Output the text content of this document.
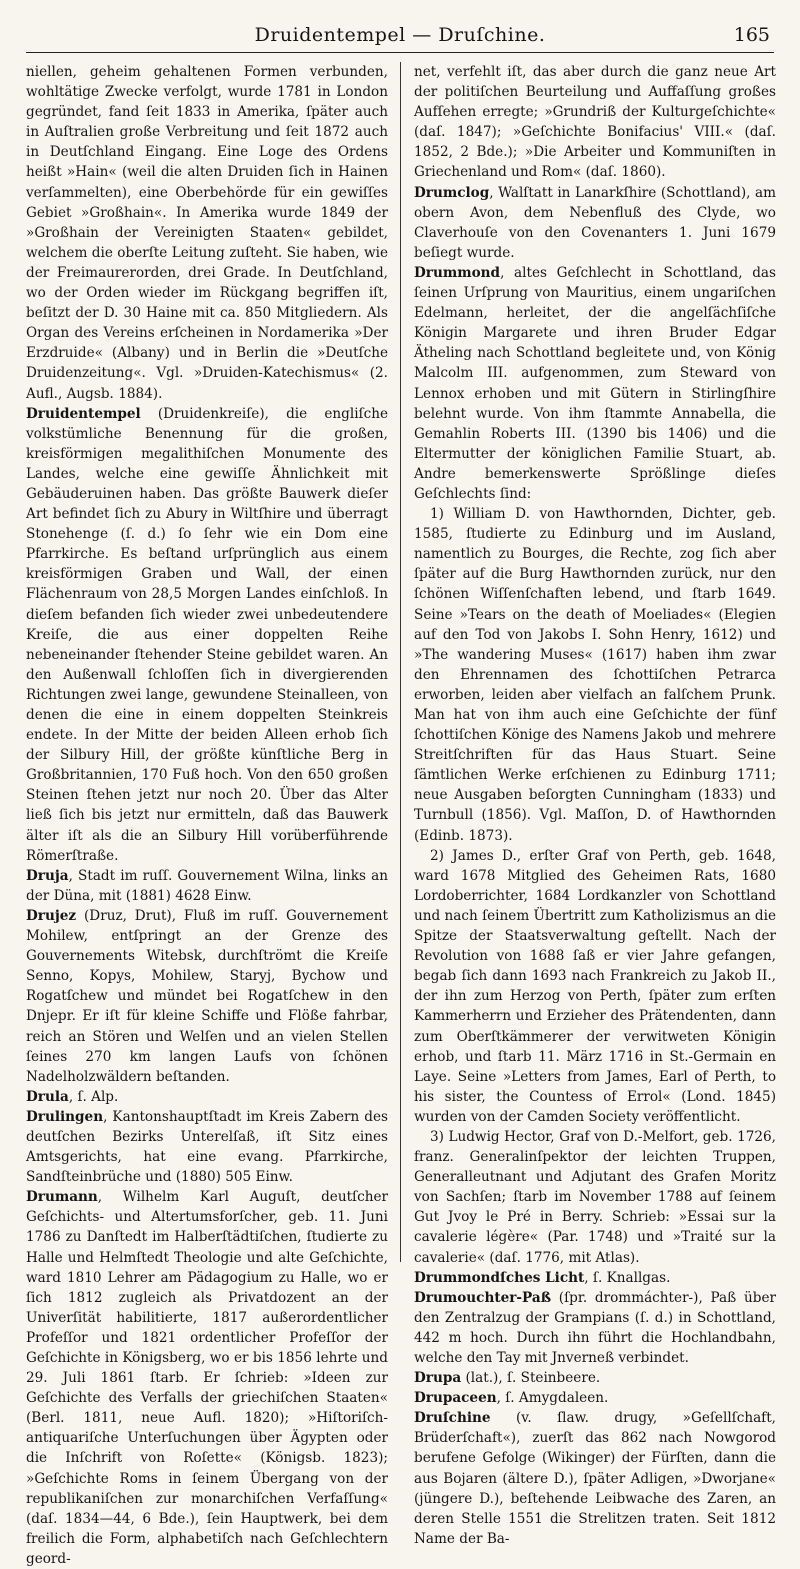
Druidentempel — Druſchine.	165

niellen, geheim gehaltenen Formen verbunden, wohltätige Zwecke verfolgt, wurde 1781 in London gegründet, fand ſeit 1833 in Amerika, ſpäter auch in Auſtralien große Verbreitung und ſeit 1872 auch in Deutſchland Eingang. Eine Loge des Ordens heißt »Hain« (weil die alten Druiden ſich in Hainen verſammelten), eine Oberbehörde für ein gewiſſes Gebiet »Großhain«. In Amerika wurde 1849 der »Großhain der Vereinigten Staaten« gebildet, welchem die oberſte Leitung zuſteht. Sie haben, wie der Freimaurerorden, drei Grade. In Deutſchland, wo der Orden wieder im Rückgang begriffen iſt, beſitzt der D. 30 Haine mit ca. 850 Mitgliedern. Als Organ des Vereins erſcheinen in Nordamerika »Der Erzdruide« (Albany) und in Berlin die »Deutſche Druidenzeitung«. Vgl. »Druiden-Katechismus« (2. Aufl., Augsb. 1884).

Druidentempel (Druidenkreiſe), die engliſche volkstümliche Benennung für die großen, kreisförmigen megalithiſchen Monumente des Landes, welche eine gewiſſe Ähnlichkeit mit Gebäuderuinen haben. Das größte Bauwerk dieſer Art befindet ſich zu Abury in Wiltſhire und überragt Stonehenge (ſ. d.) ſo ſehr wie ein Dom eine Pfarrkirche. Es beſtand urſprünglich aus einem kreisförmigen Graben und Wall, der einen Flächenraum von 28,5 Morgen Landes einſchloß. In dieſem befanden ſich wieder zwei unbedeutendere Kreiſe, die aus einer doppelten Reihe nebeneinander ſtehender Steine gebildet waren. An den Außenwall ſchloſſen ſich in divergierenden Richtungen zwei lange, gewundene Steinalleen, von denen die eine in einem doppelten Steinkreis endete. In der Mitte der beiden Alleen erhob ſich der Silbury Hill, der größte künſtliche Berg in Großbritannien, 170 Fuß hoch. Von den 650 großen Steinen ſtehen jetzt nur noch 20. Über das Alter ließ ſich bis jetzt nur ermitteln, daß das Bauwerk älter iſt als die an Silbury Hill vorüberführende Römerſtraße.

Druja, Stadt im ruſſ. Gouvernement Wilna, links an der Düna, mit (1881) 4628 Einw.

Drujez (Druz, Drut), Fluß im ruſſ. Gouvernement Mohilew, entſpringt an der Grenze des Gouvernements Witebsk, durchſtrömt die Kreiſe Senno, Kopys, Mohilew, Staryj, Bychow und Rogatſchew und mündet bei Rogatſchew in den Dnjepr. Er iſt für kleine Schiffe und Flöße fahrbar, reich an Stören und Welſen und an vielen Stellen ſeines 270 km langen Laufs von ſchönen Nadelholzwäldern beſtanden.

Drula, ſ. Alp.

Drulingen, Kantonshauptſtadt im Kreis Zabern des deutſchen Bezirks Unterelſaß, iſt Sitz eines Amtsgerichts, hat eine evang. Pfarrkirche, Sandſteinbrüche und (1880) 505 Einw.

Drumann, Wilhelm Karl Auguſt, deutſcher Geſchichts- und Altertumsforſcher, geb. 11. Juni 1786 zu Danſtedt im Halberſtädtiſchen, ſtudierte zu Halle und Helmſtedt Theologie und alte Geſchichte, ward 1810 Lehrer am Pädagogium zu Halle, wo er ſich 1812 zugleich als Privatdozent an der Univerſität habilitierte, 1817 außerordentlicher Profeſſor und 1821 ordentlicher Profeſſor der Geſchichte in Königsberg, wo er bis 1856 lehrte und 29. Juli 1861 ſtarb. Er ſchrieb: »Ideen zur Geſchichte des Verfalls der griechiſchen Staaten« (Berl. 1811, neue Aufl. 1820); »Hiſtoriſch-antiquariſche Unterſuchungen über Ägypten oder die Inſchrift von Roſette« (Königsb. 1823); »Geſchichte Roms in ſeinem Übergang von der republikaniſchen zur monarchiſchen Verfaſſung« (daſ. 1834—44, 6 Bde.), ſein Hauptwerk, bei dem freilich die Form, alphabetiſch nach Geſchlechtern geord-

net, verfehlt iſt, das aber durch die ganz neue Art der politiſchen Beurteilung und Auffaſſung großes Aufſehen erregte; »Grundriß der Kulturgeſchichte« (daſ. 1847); »Geſchichte Bonifacius' VIII.« (daſ. 1852, 2 Bde.); »Die Arbeiter und Kommuniſten in Griechenland und Rom« (daſ. 1860).

Drumclog, Walſtatt in Lanarkſhire (Schottland), am obern Avon, dem Nebenfluß des Clyde, wo Claverhouſe von den Covenanters 1. Juni 1679 beſiegt wurde.

Drummond, altes Geſchlecht in Schottland, das ſeinen Urſprung von Mauritius, einem ungariſchen Edelmann, herleitet, der die angelſächſiſche Königin Margarete und ihren Bruder Edgar Ätheling nach Schottland begleitete und, von König Malcolm III. aufgenommen, zum Steward von Lennox erhoben und mit Gütern in Stirlingſhire belehnt wurde. Von ihm ſtammte Annabella, die Gemahlin Roberts III. (1390 bis 1406) und die Eltermutter der königlichen Familie Stuart, ab. Andre bemerkenswerte Sprößlinge dieſes Geſchlechts ſind:

1) William D. von Hawthornden, Dichter, geb. 1585, ſtudierte zu Edinburg und im Ausland, namentlich zu Bourges, die Rechte, zog ſich aber ſpäter auf die Burg Hawthornden zurück, nur den ſchönen Wiſſenſchaften lebend, und ſtarb 1649. Seine »Tears on the death of Moeliades« (Elegien auf den Tod von Jakobs I. Sohn Henry, 1612) und »The wandering Muses« (1617) haben ihm zwar den Ehrennamen des ſchottiſchen Petrarca erworben, leiden aber vielfach an falſchem Prunk. Man hat von ihm auch eine Geſchichte der fünf ſchottiſchen Könige des Namens Jakob und mehrere Streitſchriften für das Haus Stuart. Seine ſämtlichen Werke erſchienen zu Edinburg 1711; neue Ausgaben beſorgten Cunningham (1833) und Turnbull (1856). Vgl. Maſſon, D. of Hawthornden (Edinb. 1873).

2) James D., erſter Graf von Perth, geb. 1648, ward 1678 Mitglied des Geheimen Rats, 1680 Lordoberrichter, 1684 Lordkanzler von Schottland und nach ſeinem Übertritt zum Katholizismus an die Spitze der Staatsverwaltung geſtellt. Nach der Revolution von 1688 ſaß er vier Jahre gefangen, begab ſich dann 1693 nach Frankreich zu Jakob II., der ihn zum Herzog von Perth, ſpäter zum erſten Kammerherrn und Erzieher des Prätendenten, dann zum Oberſtkämmerer der verwitweten Königin erhob, und ſtarb 11. März 1716 in St.-Germain en Laye. Seine »Letters from James, Earl of Perth, to his sister, the Countess of Errol« (Lond. 1845) wurden von der Camden Society veröffentlicht.

3) Ludwig Hector, Graf von D.-Melfort, geb. 1726, franz. Generalinſpektor der leichten Truppen, Generalleutnant und Adjutant des Grafen Moritz von Sachſen; ſtarb im November 1788 auf ſeinem Gut Jvoy le Pré in Berry. Schrieb: »Essai sur la cavalerie légère« (Par. 1748) und »Traité sur la cavalerie« (daſ. 1776, mit Atlas).

Drummondſches Licht, ſ. Knallgas.

Drumouchter-Paß (ſpr. drommáchter-), Paß über den Zentralzug der Grampians (ſ. d.) in Schottland, 442 m hoch. Durch ihn führt die Hochlandbahn, welche den Tay mit Jnverneß verbindet.

Drupa (lat.), ſ. Steinbeere.

Drupaceen, ſ. Amygdaleen.

Druſchine (v. ſlaw. drugy, »Geſellſchaft, Brüderſchaft«), zuerſt das 862 nach Nowgorod berufene Gefolge (Wikinger) der Fürſten, dann die aus Bojaren (ältere D.), ſpäter Adligen, »Dworjane« (jüngere D.), beſtehende Leibwache des Zaren, an deren Stelle 1551 die Strelitzen traten. Seit 1812 Name der Ba-
